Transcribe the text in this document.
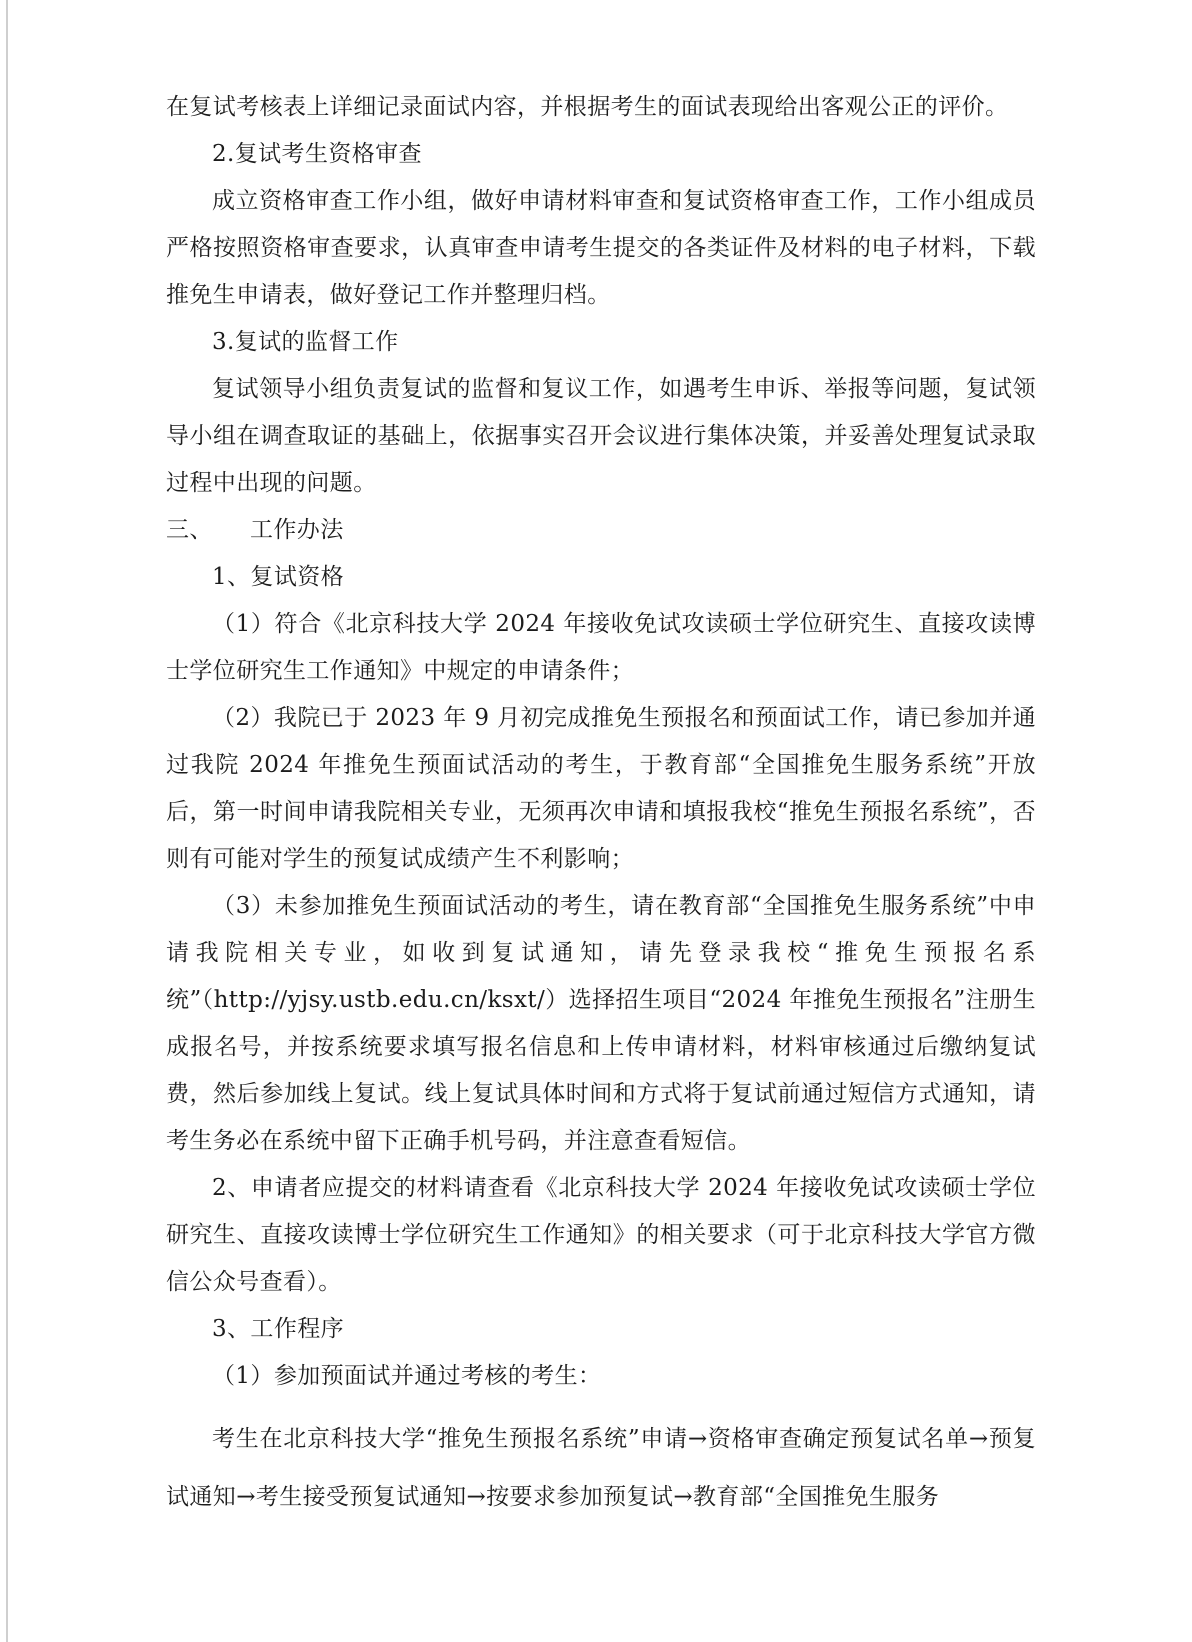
在复试考核表上详细记录面试内容，并根据考生的面试表现给出客观公正的评价。

2.复试考生资格审查

成立资格审查工作小组，做好申请材料审查和复试资格审查工作，工作小组成员严格按照资格审查要求，认真审查申请考生提交的各类证件及材料的电子材料，下载推免生申请表，做好登记工作并整理归档。

3.复试的监督工作

复试领导小组负责复试的监督和复议工作，如遇考生申诉、举报等问题，复试领导小组在调查取证的基础上，依据事实召开会议进行集体决策，并妥善处理复试录取过程中出现的问题。

三、	工作办法

1、复试资格

（1）符合《北京科技大学 2024 年接收免试攻读硕士学位研究生、直接攻读博士学位研究生工作通知》中规定的申请条件；

（2）我院已于 2023 年 9 月初完成推免生预报名和预面试工作，请已参加并通过我院 2024 年推免生预面试活动的考生，于教育部“全国推免生服务系统”开放后，第一时间申请我院相关专业，无须再次申请和填报我校“推免生预报名系统”，否则有可能对学生的预复试成绩产生不利影响；

（3）未参加推免生预面试活动的考生，请在教育部“全国推免生服务系统”中申请我院相关专业，如收到复试通知，请先登录我校“推免生预报名系统”（http://yjsy.ustb.edu.cn/ksxt/）选择招生项目“2024 年推免生预报名”注册生成报名号，并按系统要求填写报名信息和上传申请材料，材料审核通过后缴纳复试费，然后参加线上复试。线上复试具体时间和方式将于复试前通过短信方式通知，请考生务必在系统中留下正确手机号码，并注意查看短信。

2、申请者应提交的材料请查看《北京科技大学 2024 年接收免试攻读硕士学位研究生、直接攻读博士学位研究生工作通知》的相关要求（可于北京科技大学官方微信公众号查看）。

3、工作程序

（1）参加预面试并通过考核的考生：

考生在北京科技大学“推免生预报名系统”申请→资格审查确定预复试名单→预复试通知→考生接受预复试通知→按要求参加预复试→教育部“全国推免生服务
